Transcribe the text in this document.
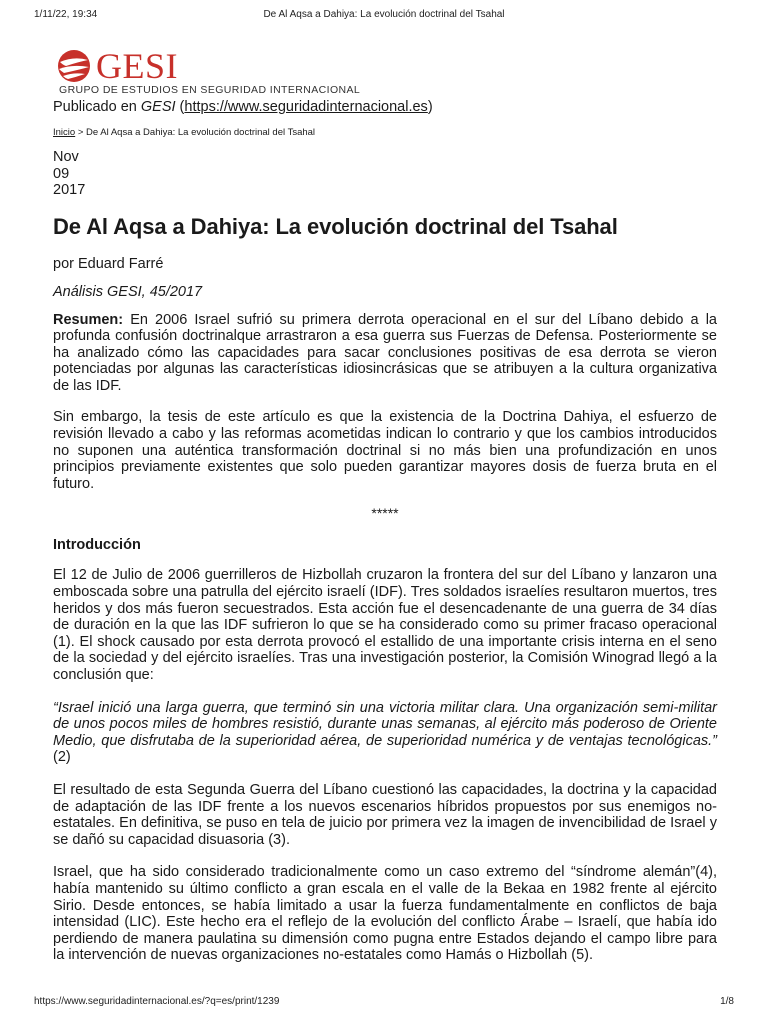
1/11/22, 19:34	De Al Aqsa a Dahiya: La evolución doctrinal del Tsahal
GESI
GRUPO DE ESTUDIOS EN SEGURIDAD INTERNACIONAL
Publicado en GESI (https://www.seguridadinternacional.es)
Inicio > De Al Aqsa a Dahiya: La evolución doctrinal del Tsahal
Nov
09
2017
De Al Aqsa a Dahiya: La evolución doctrinal del Tsahal
por Eduard Farré
Análisis GESI, 45/2017

Resumen: En 2006 Israel sufrió su primera derrota operacional en el sur del Líbano debido a la profunda confusión doctrinalque arrastraron a esa guerra sus Fuerzas de Defensa. Posteriormente se ha analizado cómo las capacidades para sacar conclusiones positivas de esa derrota se vieron potenciadas por algunas las características idiosincrásicas que se atribuyen a la cultura organizativa de las IDF.

Sin embargo, la tesis de este artículo es que la existencia de la Doctrina Dahiya, el esfuerzo de revisión llevado a cabo y las reformas acometidas indican lo contrario y que los cambios introducidos no suponen una auténtica transformación doctrinal si no más bien una profundización en unos principios previamente existentes que solo pueden garantizar mayores dosis de fuerza bruta en el futuro.

*****
Introducción

El 12 de Julio de 2006 guerrilleros de Hizbollah cruzaron la frontera del sur del Líbano y lanzaron una emboscada sobre una patrulla del ejército israelí (IDF). Tres soldados israelíes resultaron muertos, tres heridos y dos más fueron secuestrados. Esta acción fue el desencadenante de una guerra de 34 días de duración en la que las IDF sufrieron lo que se ha considerado como su primer fracaso operacional (1). El shock causado por esta derrota provocó el estallido de una importante crisis interna en el seno de la sociedad y del ejército israelíes. Tras una investigación posterior, la Comisión Winograd llegó a la conclusión que:

“Israel inició una larga guerra, que terminó sin una victoria militar clara. Una organización semi-militar de unos pocos miles de hombres resistió, durante unas semanas, al ejército más poderoso de Oriente Medio, que disfrutaba de la superioridad aérea, de superioridad numérica y de ventajas tecnológicas.” (2)

El resultado de esta Segunda Guerra del Líbano cuestionó las capacidades, la doctrina y la capacidad de adaptación de las IDF frente a los nuevos escenarios híbridos propuestos por sus enemigos no-estatales. En definitiva, se puso en tela de juicio por primera vez la imagen de invencibilidad de Israel y se dañó su capacidad disuasoria (3).

Israel, que ha sido considerado tradicionalmente como un caso extremo del “síndrome alemán”(4), había mantenido su último conflicto a gran escala en el valle de la Bekaa en 1982 frente al ejército Sirio. Desde entonces, se había limitado a usar la fuerza fundamentalmente en conflictos de baja intensidad (LIC). Este hecho era el reflejo de la evolución del conflicto Árabe – Israelí, que había ido perdiendo de manera paulatina su dimensión como pugna entre Estados dejando el campo libre para la intervención de nuevas organizaciones no-estatales como Hamás o Hizbollah (5).

https://www.seguridadinternacional.es/?q=es/print/1239	1/8
